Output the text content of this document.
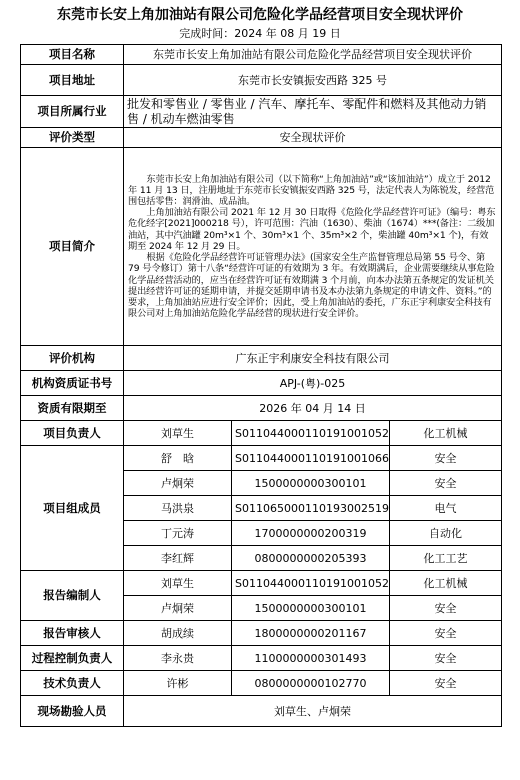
东莞市长安上角加油站有限公司危险化学品经营项目安全现状评价
完成时间：2024 年 08 月 19 日
项目名称	东莞市长安上角加油站有限公司危险化学品经营项目安全现状评价		
项目地址	东莞市长安镇振安西路 325 号		
项目所属行业	批发和零售业 / 零售业 / 汽车、摩托车、零配件和燃料及其他动力销售 / 机动车燃油零售		
评价类型	安全现状评价		
项目简介	东莞市长安上角加油站有限公司（以下简称“上角加油站”或“该加油站”）成立于 2012 年 11 月 13 日，注册地址于东莞市长安镇振安西路 325 号，法定代表人为陈锐发，经营范围包括零售：润滑油、成品油。

上角加油站有限公司 2021 年 12 月 30 日取得《危险化学品经营许可证》（编号：粤东危化经字[2021]000218 号），许可范围：汽油（1630）、柴油（1674）***(备注：二级加油站，其中汽油罐 20m³×1 个、30m³×1 个、35m³×2 个，柴油罐 40m³×1 个)，有效期至 2024 年 12 月 29 日。

根据《危险化学品经营许可证管理办法》(国家安全生产监督管理总局第 55 号令、第 79 号令修订）第十八条“经营许可证的有效期为 3 年。有效期满后，企业需要继续从事危险化学品经营活动的，应当在经营许可证有效期满 3 个月前，向本办法第五条规定的发证机关提出经营许可证的延期申请，并提交延期申请书及本办法第九条规定的申请文件、资料。”的要求，上角加油站应进行安全评价；因此，受上角加油站的委托，广东正宇利康安全科技有限公司对上角加油站危险化学品经营的现状进行安全评价。		

评价机构	广东正宇利康安全科技有限公司		
机构资质证书号	APJ-(粤)-025		
资质有限期至	2026 年 04 月 14 日		
项目负责人	刘草生	S011044000110191001052	化工机械
项目组成员	舒　晗	S011044000110191001066	安全
	卢炯荣	1500000000300101	安全
	马洪泉	S011065000110193002519	电气
	丁元涛	1700000000200319	自动化
	李红辉	0800000000205393	化工工艺
报告编制人	刘草生	S011044000110191001052	化工机械
	卢炯荣	1500000000300101	安全
报告审核人	胡成续	1800000000201167	安全
过程控制负责人	李永贵	1100000000301493	安全
技术负责人	许彬	0800000000102770	安全
现场勘验人员	刘草生、卢炯荣		
